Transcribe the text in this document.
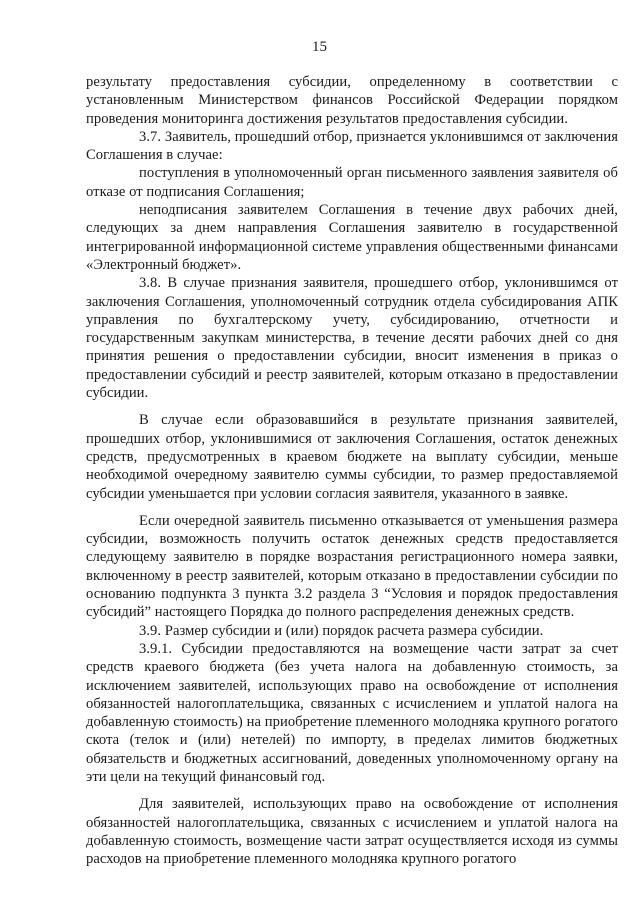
15

результату предоставления субсидии, определенному в соответствии с установленным Министерством финансов Российской Федерации порядком проведения мониторинга достижения результатов предоставления субсидии.

3.7. Заявитель, прошедший отбор, признается уклонившимся от заключения Соглашения в случае:

поступления в уполномоченный орган письменного заявления заявителя об отказе от подписания Соглашения;

неподписания заявителем Соглашения в течение двух рабочих дней, следующих за днем направления Соглашения заявителю в государственной интегрированной информационной системе управления общественными финансами «Электронный бюджет».

3.8. В случае признания заявителя, прошедшего отбор, уклонившимся от заключения Соглашения, уполномоченный сотрудник отдела субсидирования АПК управления по бухгалтерскому учету, субсидированию, отчетности и государственным закупкам министерства, в течение десяти рабочих дней со дня принятия решения о предоставлении субсидии, вносит изменения в приказ о предоставлении субсидий и реестр заявителей, которым отказано в предоставлении субсидии.

В случае если образовавшийся в результате признания заявителей, прошедших отбор, уклонившимися от заключения Соглашения, остаток денежных средств, предусмотренных в краевом бюджете на выплату субсидии, меньше необходимой очередному заявителю суммы субсидии, то размер предоставляемой субсидии уменьшается при условии согласия заявителя, указанного в заявке.

Если очередной заявитель письменно отказывается от уменьшения размера субсидии, возможность получить остаток денежных средств предоставляется следующему заявителю в порядке возрастания регистрационного номера заявки, включенному в реестр заявителей, которым отказано в предоставлении субсидии по основанию подпункта 3 пункта 3.2 раздела 3 “Условия и порядок предоставления субсидий” настоящего Порядка до полного распределения денежных средств.

3.9. Размер субсидии и (или) порядок расчета размера субсидии.

3.9.1. Субсидии предоставляются на возмещение части затрат за счет средств краевого бюджета (без учета налога на добавленную стоимость, за исключением заявителей, использующих право на освобождение от исполнения обязанностей налогоплательщика, связанных с исчислением и уплатой налога на добавленную стоимость) на приобретение племенного молодняка крупного рогатого скота (телок и (или) нетелей) по импорту, в пределах лимитов бюджетных обязательств и бюджетных ассигнований, доведенных уполномоченному органу на эти цели на текущий финансовый год.

Для заявителей, использующих право на освобождение от исполнения обязанностей налогоплательщика, связанных с исчислением и уплатой налога на добавленную стоимость, возмещение части затрат осуществляется исходя из суммы расходов на приобретение племенного молодняка крупного рогатого
